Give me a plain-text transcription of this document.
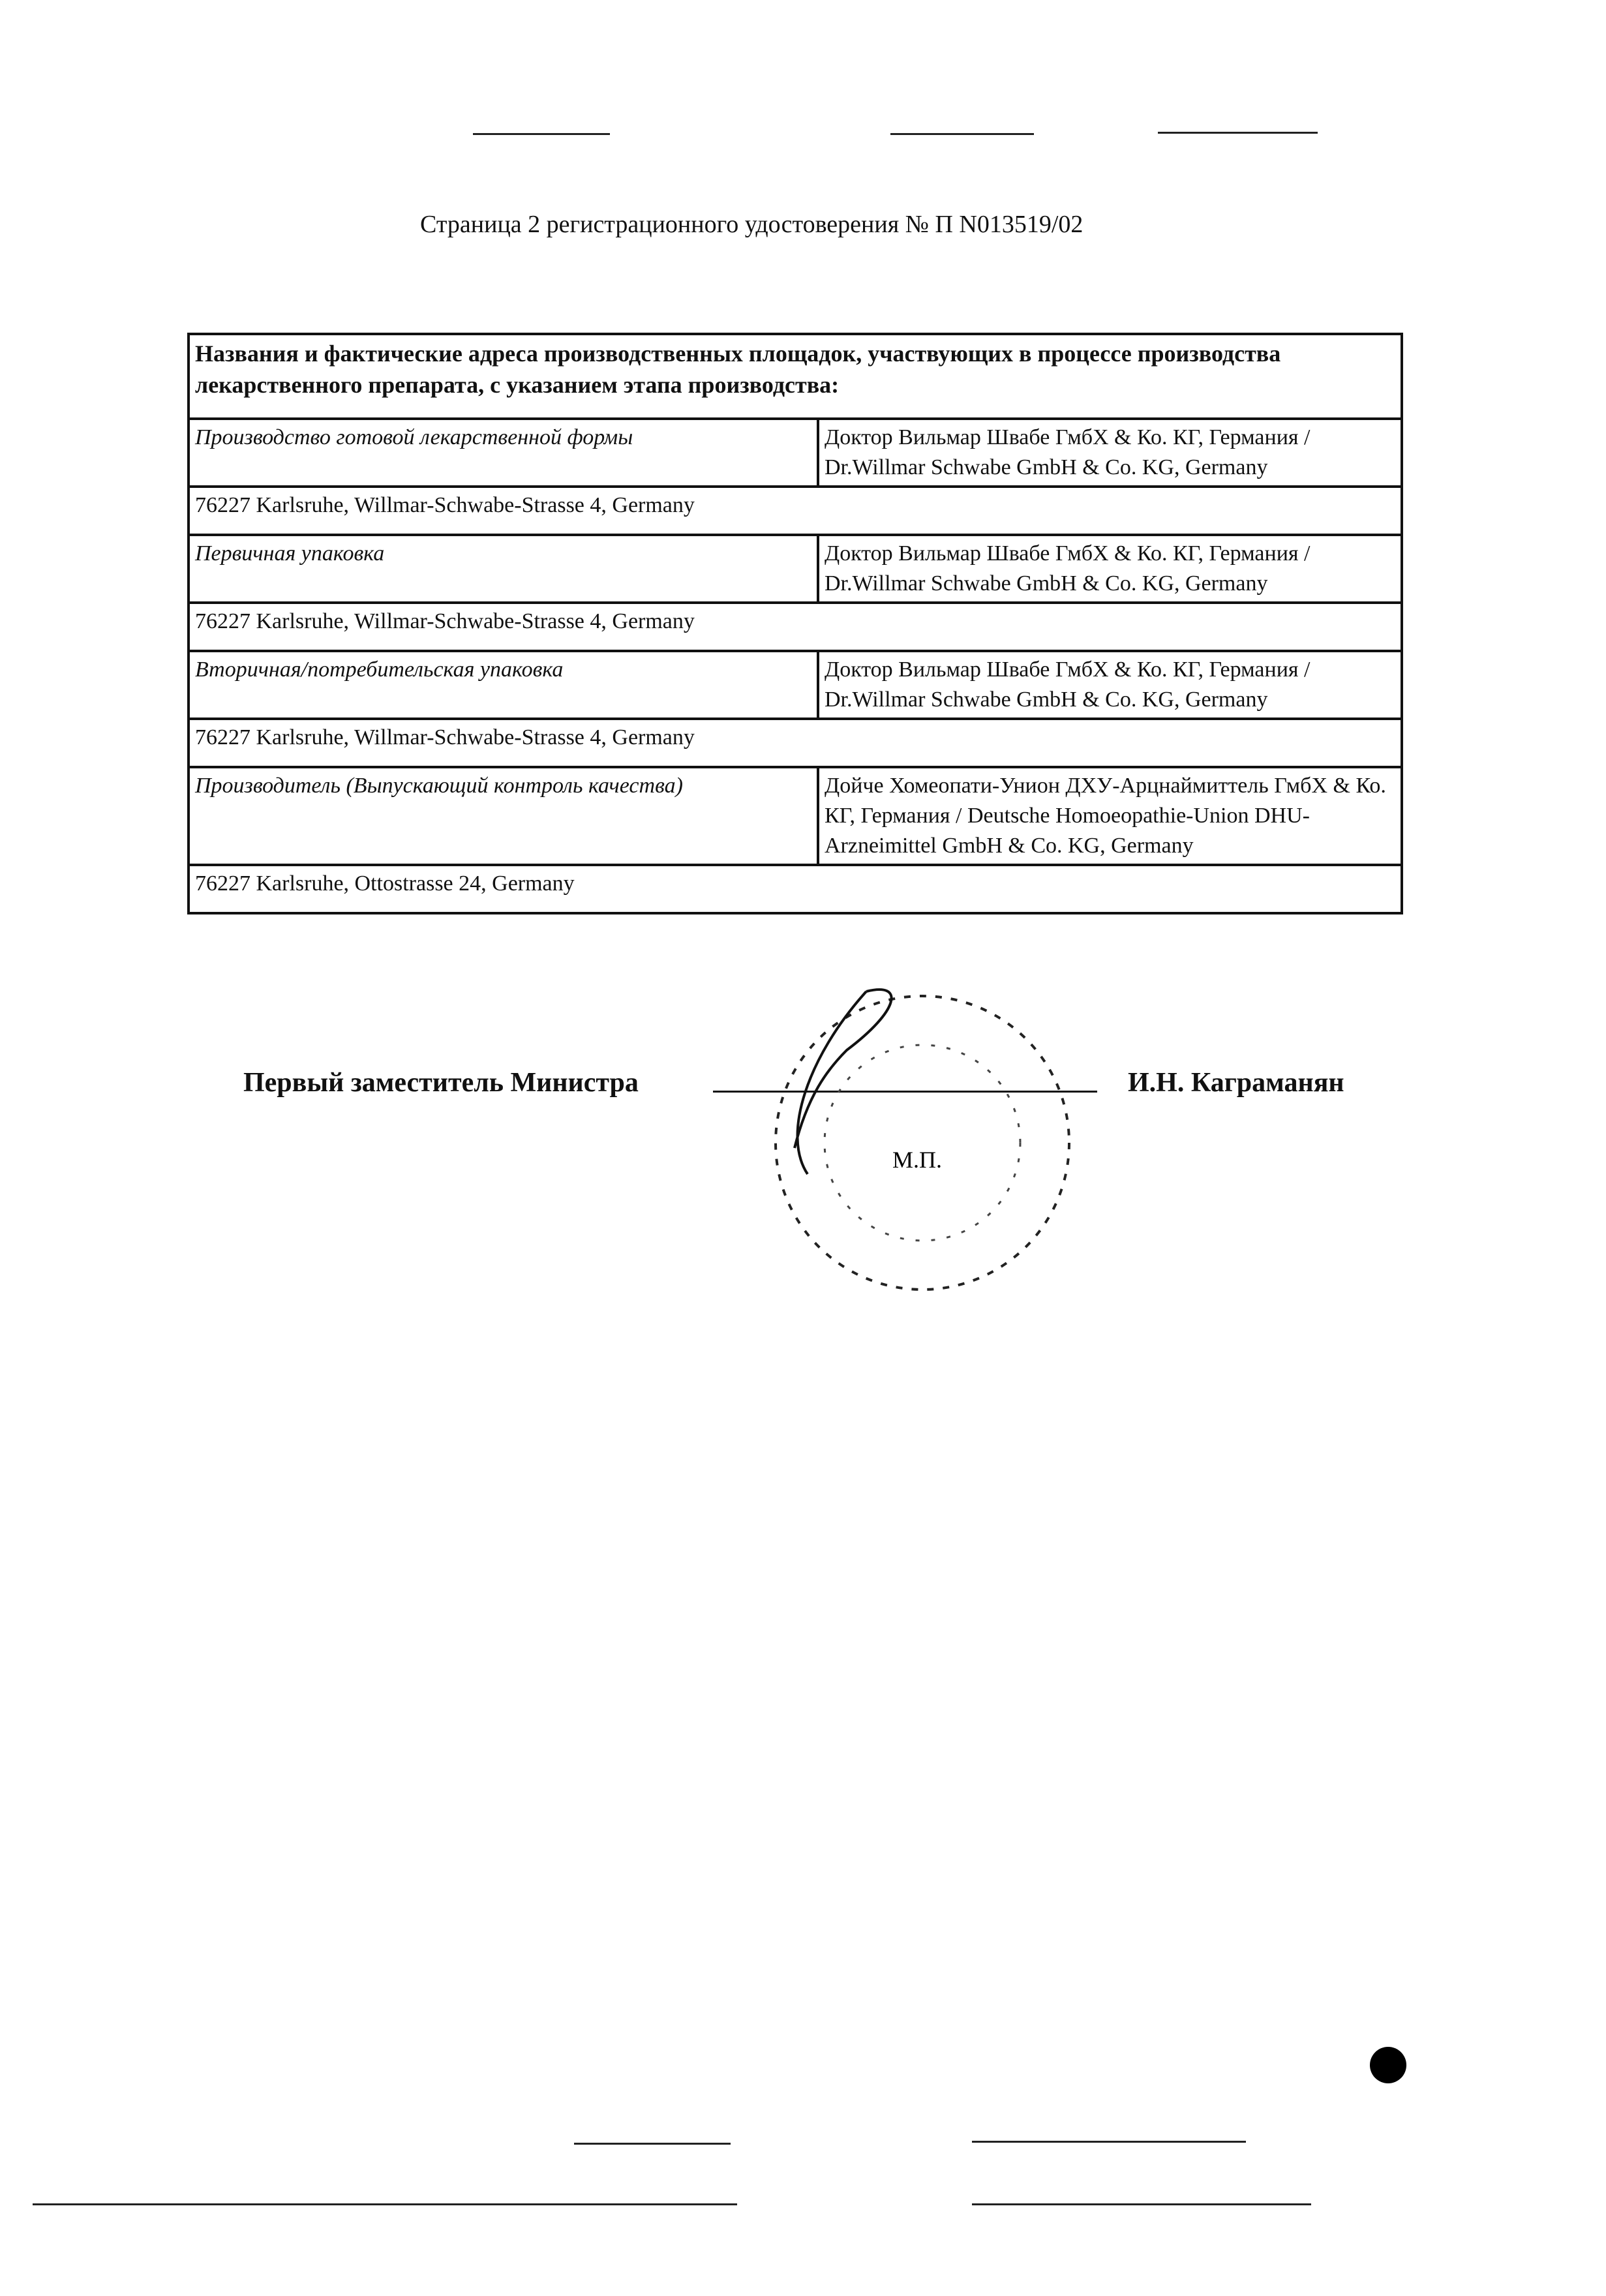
Страница 2 регистрационного удостоверения № П N013519/02
Названия и фактические адреса производственных площадок, участвующих в процессе производства лекарственного препарата, с указанием этапа производства:	
Производство готовой лекарственной формы	Доктор Вильмар Швабе ГмбХ & Ко. КГ, Германия / Dr.Willmar Schwabe GmbH & Co. KG, Germany
76227 Karlsruhe, Willmar-Schwabe-Strasse 4, Germany	
Первичная упаковка	Доктор Вильмар Швабе ГмбХ & Ко. КГ, Германия / Dr.Willmar Schwabe GmbH & Co. KG, Germany
76227 Karlsruhe, Willmar-Schwabe-Strasse 4, Germany	
Вторичная/потребительская упаковка	Доктор Вильмар Швабе ГмбХ & Ко. КГ, Германия / Dr.Willmar Schwabe GmbH & Co. KG, Germany
76227 Karlsruhe, Willmar-Schwabe-Strasse 4, Germany	
Производитель (Выпускающий контроль качества)	Дойче Хомеопати-Унион ДХУ-Арцнаймиттель ГмбХ & Ко. КГ, Германия / Deutsche Homoeopathie-Union DHU-Arzneimittel GmbH & Co. KG, Germany
76227 Karlsruhe, Ottostrasse 24, Germany	
Первый заместитель Министра	И.Н. Каграманян
М.П.
